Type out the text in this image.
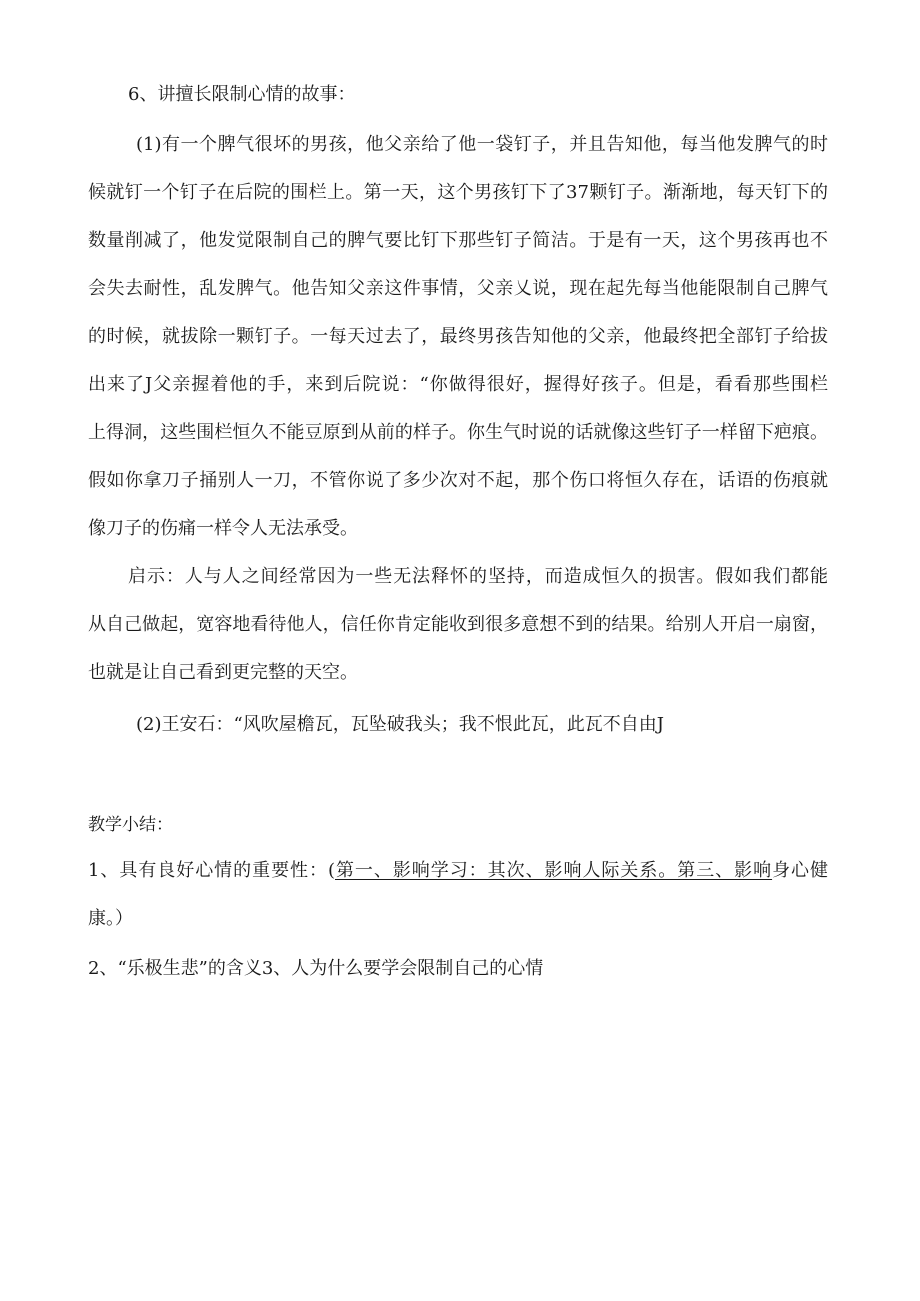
6、讲擅长限制心情的故事：
(1)有一个脾气很坏的男孩，他父亲给了他一袋钉子，并且告知他，每当他发脾气的时
候就钉一个钉子在后院的围栏上。第一天，这个男孩钉下了37颗钉子。渐渐地，每天钉下的
数量削减了，他发觉限制自己的脾气要比钉下那些钉子简洁。于是有一天，这个男孩再也不
会失去耐性，乱发脾气。他告知父亲这件事情，父亲乂说，现在起先每当他能限制自己脾气
的时候，就拔除一颗钉子。一每天过去了，最终男孩告知他的父亲，他最终把全部钉子给拔
出来了J父亲握着他的手，来到后院说：“你做得很好，握得好孩子。但是，看看那些围栏
上得洞，这些围栏恒久不能豆原到从前的样子。你生气时说的话就像这些钉子一样留下疤痕。
假如你拿刀子捅别人一刀，不管你说了多少次对不起，那个伤口将恒久存在，话语的伤痕就
像刀子的伤痛一样令人无法承受。
启示：人与人之间经常因为一些无法释怀的坚持，而造成恒久的损害。假如我们都能
从自己做起，宽容地看待他人，信任你肯定能收到很多意想不到的结果。给别人开启一扇窗，
也就是让自己看到更完整的天空。
(2)王安石：“风吹屋檐瓦，瓦坠破我头；我不恨此瓦，此瓦不自由J
教学小结：
1、具有良好心情的重要性：(第一、影响学习：其次、影响人际关系。第三、影响身心健
康。）
2、“乐极生悲”的含义3、人为什么要学会限制自己的心情
